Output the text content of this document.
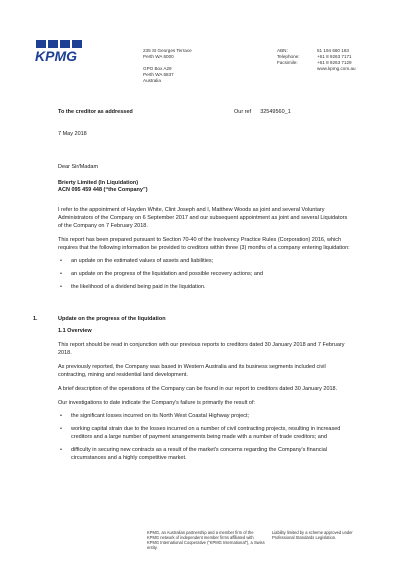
KPMG	235 St Georges Terrace
Perth WA 6000
GPO Box A29
Perth WA 6837
Australia
ABN:	51 194 660 183
Telephone:	+61 8 9263 7171
Facsimile:	+61 8 9263 7129
www.kpmg.com.au
To the creditor as addressed	Our ref 32549560_1
7 May 2018
Dear Sir/Madam
Brierty Limited (In Liquidation)
ACN 095 459 448 (“the Company”)

I refer to the appointment of Hayden White, Clint Joseph and I, Matthew Woods as joint and several Voluntary Administrators of the Company on 6 September 2017 and our subsequent appointment as joint and several Liquidators of the Company on 7 February 2018.

This report has been prepared pursuant to Section 70-40 of the Insolvency Practice Rules (Corporation) 2016, which requires that the following information be provided to creditors within three (3) months of a company entering liquidation:

• an update on the estimated values of assets and liabilities;
• an update on the progress of the liquidation and possible recovery actions; and
• the likelihood of a dividend being paid in the liquidation.
1.	Update on the progress of the liquidation
1.1 Overview

This report should be read in conjunction with our previous reports to creditors dated 30 January 2018 and 7 February 2018.

As previously reported, the Company was based in Western Australia and its business segments included civil contracting, mining and residential land development.

A brief description of the operations of the Company can be found in our report to creditors dated 30 January 2018.

Our investigations to date indicate the Company's failure is primarily the result of:

• the significant losses incurred on its North West Coastal Highway project;
• working capital strain due to the losses incurred on a number of civil contracting projects, resulting in increased creditors and a large number of payment arrangements being made with a number of trade creditors; and
• difficulty in securing new contracts as a result of the market's concerns regarding the Company's financial circumstances and a highly competitive market.
KPMG, an Australian partnership and a member firm of the KPMG network of independent member firms affiliated with KPMG International Cooperative (“KPMG International”), a Swiss entity.
Liability limited by a scheme approved under Professional Standards Legislation.
